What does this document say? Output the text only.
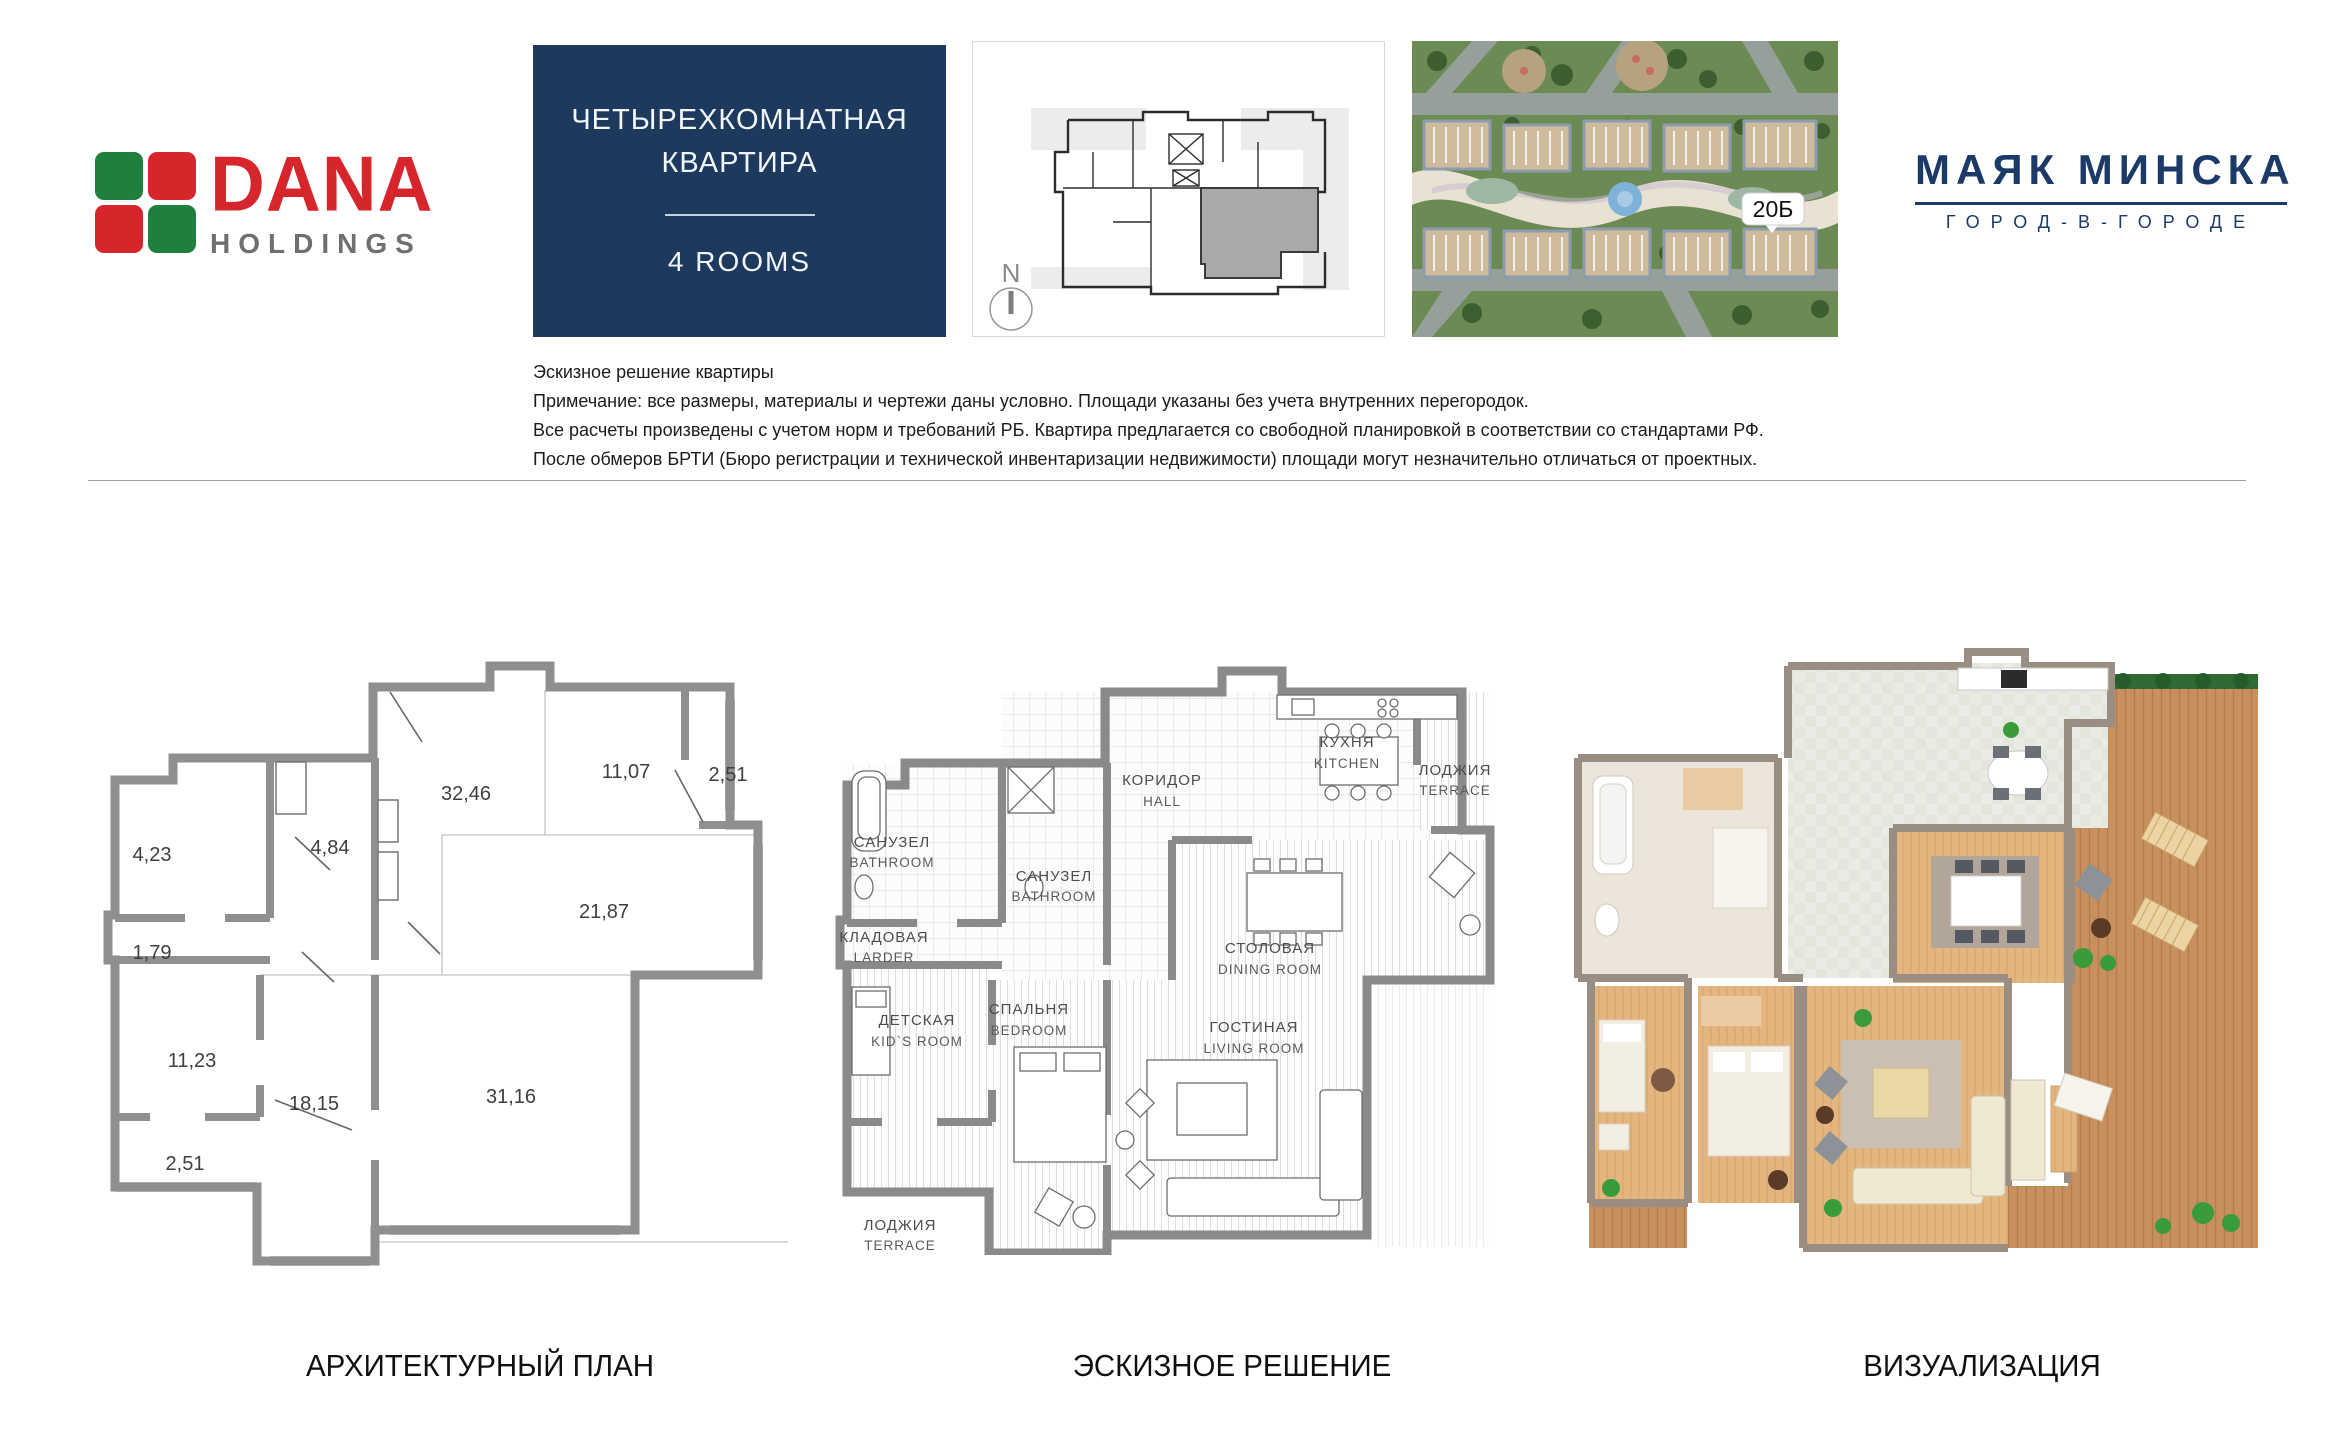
DANA
HOLDINGS
ЧЕТЫРЕХКОМНАТНАЯ
КВАРТИРА
4 ROOMS	N
20Б
МАЯК МИНСКА
ГОРОД-В-ГОРОДЕ
Эскизное решение квартиры
Примечание: все размеры, материалы и чертежи даны условно. Площади указаны без учета внутренних перегородок.
Все расчеты произведены с учетом норм и требований РБ. Квартира предлагается со свободной планировкой в соответствии со стандартами РФ.
После обмеров БРТИ (Бюро регистрации и технической инвентаризации недвижимости) площади могут незначительно отличаться от проектных.
4,23	4,84
32,46
11,07	2,51
1,79
21,87
11,23
18,15	31,16
2,51
САНУЗЕЛ
BATHROOM
САНУЗЕЛ
BATHROOM
КОРИДОР
HALL
КУХНЯ
KITCHEN	ЛОДЖИЯ
TERRACE
КЛАДОВАЯ
LARDER
СТОЛОВАЯ
DINING ROOM
ДЕТСКАЯ
KID`S ROOM
СПАЛЬНЯ
BEDROOM	ГОСТИНАЯ
LIVING ROOM
ЛОДЖИЯ
TERRACE
АРХИТЕКТУРНЫЙ ПЛАН	ЭСКИЗНОЕ РЕШЕНИЕ	ВИЗУАЛИЗАЦИЯ
